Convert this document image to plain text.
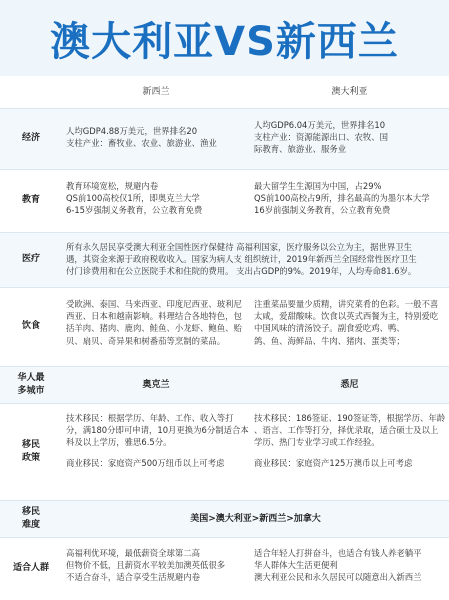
澳大利亚VS新西兰
新西兰	澳大利亚
经济
人均GDP4.88万美元，世界排名20
支柱产业：畜牧业、农业、旅游业、渔业
人均GDP6.04万美元，世界排名10
支柱产业：资源能源出口、农牧、国际教育、旅游业、服务业
教育
教育环境宽松，规避内卷
QS前100高校仅1所，即奥克兰大学
6-15岁强制义务教育，公立教育免费
最大留学生生源国为中国，占29%
QS前100高校占9所，排名最高的为墨尔本大学
16岁前强制义务教育，公立教育免费
医疗
所有永久居民享受澳大利亚全国性医疗保健待 高福利国家，医疗服务以公立为主，据世界卫生
遇，其资金来源于政府税收收入。国家为病人支 组织统计，2019年新西兰全国经常性医疗卫生
付门诊费用和在公立医院手术和住院的费用。 支出占GDP的9%。2019年，人均寿命81.6岁。
饮食
受欧洲、泰国、马来西亚、印度尼西亚、玻利尼
西亚、日本和越南影响。料理结合各地特色，包
括羊肉、猪肉、鹿肉、鲑鱼、小龙虾、鲍鱼、贻
贝、扇贝、奇异果和树番茄等烹制的菜品。
注重菜品要量少质精，讲究菜肴的色彩。一般不喜
太咸，爱甜酸味。饮食以英式西餐为主，特别爱吃
中国风味的清汤饺子。副食爱吃鸡、鸭、
鸽、鱼、海鲜品、牛肉、猪肉、蛋类等；
华人最
多城市
奥克兰	悉尼
移民
政策
技术移民：根据学历、年龄、工作、收入等打
分，满180分即可申请，10月更换为6分制适合本
科及以上学历，雅思6.5分。
商业移民：家庭资产500万纽币以上可考虑
技术移民：186签证、190签证等，根据学历、年龄
、语言、工作等打分，择优录取，适合硕士及以上
学历、热门专业学习或工作经验。
商业移民：家庭资产125万澳币以上可考虑
移民
难度
美国>澳大利亚>新西兰>加拿大
适合人群
高福利优环境，最低薪资全球第二高
但物价不低，且薪资水平较美加澳英低很多
不适合奋斗，适合享受生活规避内卷
适合年轻人打拼奋斗，也适合有钱人养老躺平
华人群体大生活更便利
澳大利亚公民和永久居民可以随意出入新西兰
